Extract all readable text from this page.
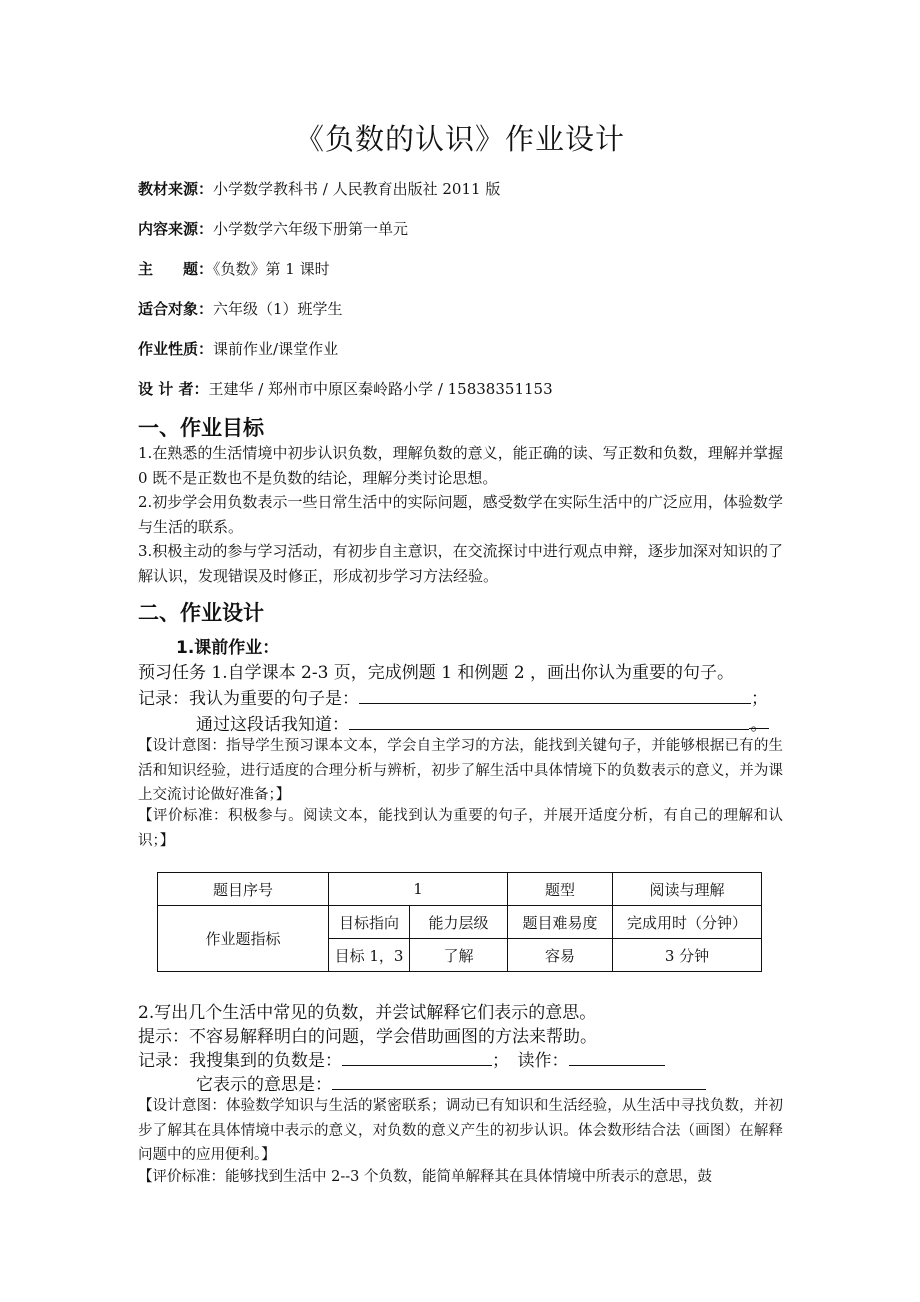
《负数的认识》作业设计
教材来源：小学数学教科书 / 人民教育出版社 2011 版
内容来源：小学数学六年级下册第一单元
主　　题：《负数》第 1 课时
适合对象：六年级（1）班学生
作业性质：课前作业/课堂作业
设 计 者：王建华 / 郑州市中原区秦岭路小学 / 15838351153
一、作业目标
1.在熟悉的生活情境中初步认识负数，理解负数的意义，能正确的读、写正数和负数，理解并掌握 0 既不是正数也不是负数的结论，理解分类讨论思想。
2.初步学会用负数表示一些日常生活中的实际问题，感受数学在实际生活中的广泛应用，体验数学与生活的联系。
3.积极主动的参与学习活动，有初步自主意识，在交流探讨中进行观点申辩，逐步加深对知识的了解认识，发现错误及时修正，形成初步学习方法经验。
二、作业设计
1.课前作业：
预习任务 1.自学课本 2-3 页，完成例题 1 和例题 2 ，画出你认为重要的句子。
记录：我认为重要的句子是：	；
通过这段话我知道：	。
【设计意图：指导学生预习课本文本，学会自主学习的方法，能找到关键句子，并能够根据已有的生活和知识经验，进行适度的合理分析与辨析，初步了解生活中具体情境下的负数表示的意义，并为课上交流讨论做好准备；】
【评价标准：积极参与。阅读文本，能找到认为重要的句子，并展开适度分析，有自己的理解和认识；】
题目序号	1		题型	阅读与理解
作业题指标	目标指向	能力层级	题目难易度	完成用时（分钟）
	目标 1，3	了解	容易	3 分钟
2.写出几个生活中常见的负数，并尝试解释它们表示的意思。
提示：不容易解释明白的问题，学会借助画图的方法来帮助。
记录：我搜集到的负数是：	；　读作：
它表示的意思是：
【设计意图：体验数学知识与生活的紧密联系；调动已有知识和生活经验，从生活中寻找负数，并初步了解其在具体情境中表示的意义，对负数的意义产生的初步认识。体会数形结合法（画图）在解释问题中的应用便利。】
【评价标准：能够找到生活中 2--3 个负数，能简单解释其在具体情境中所表示的意思，鼓
